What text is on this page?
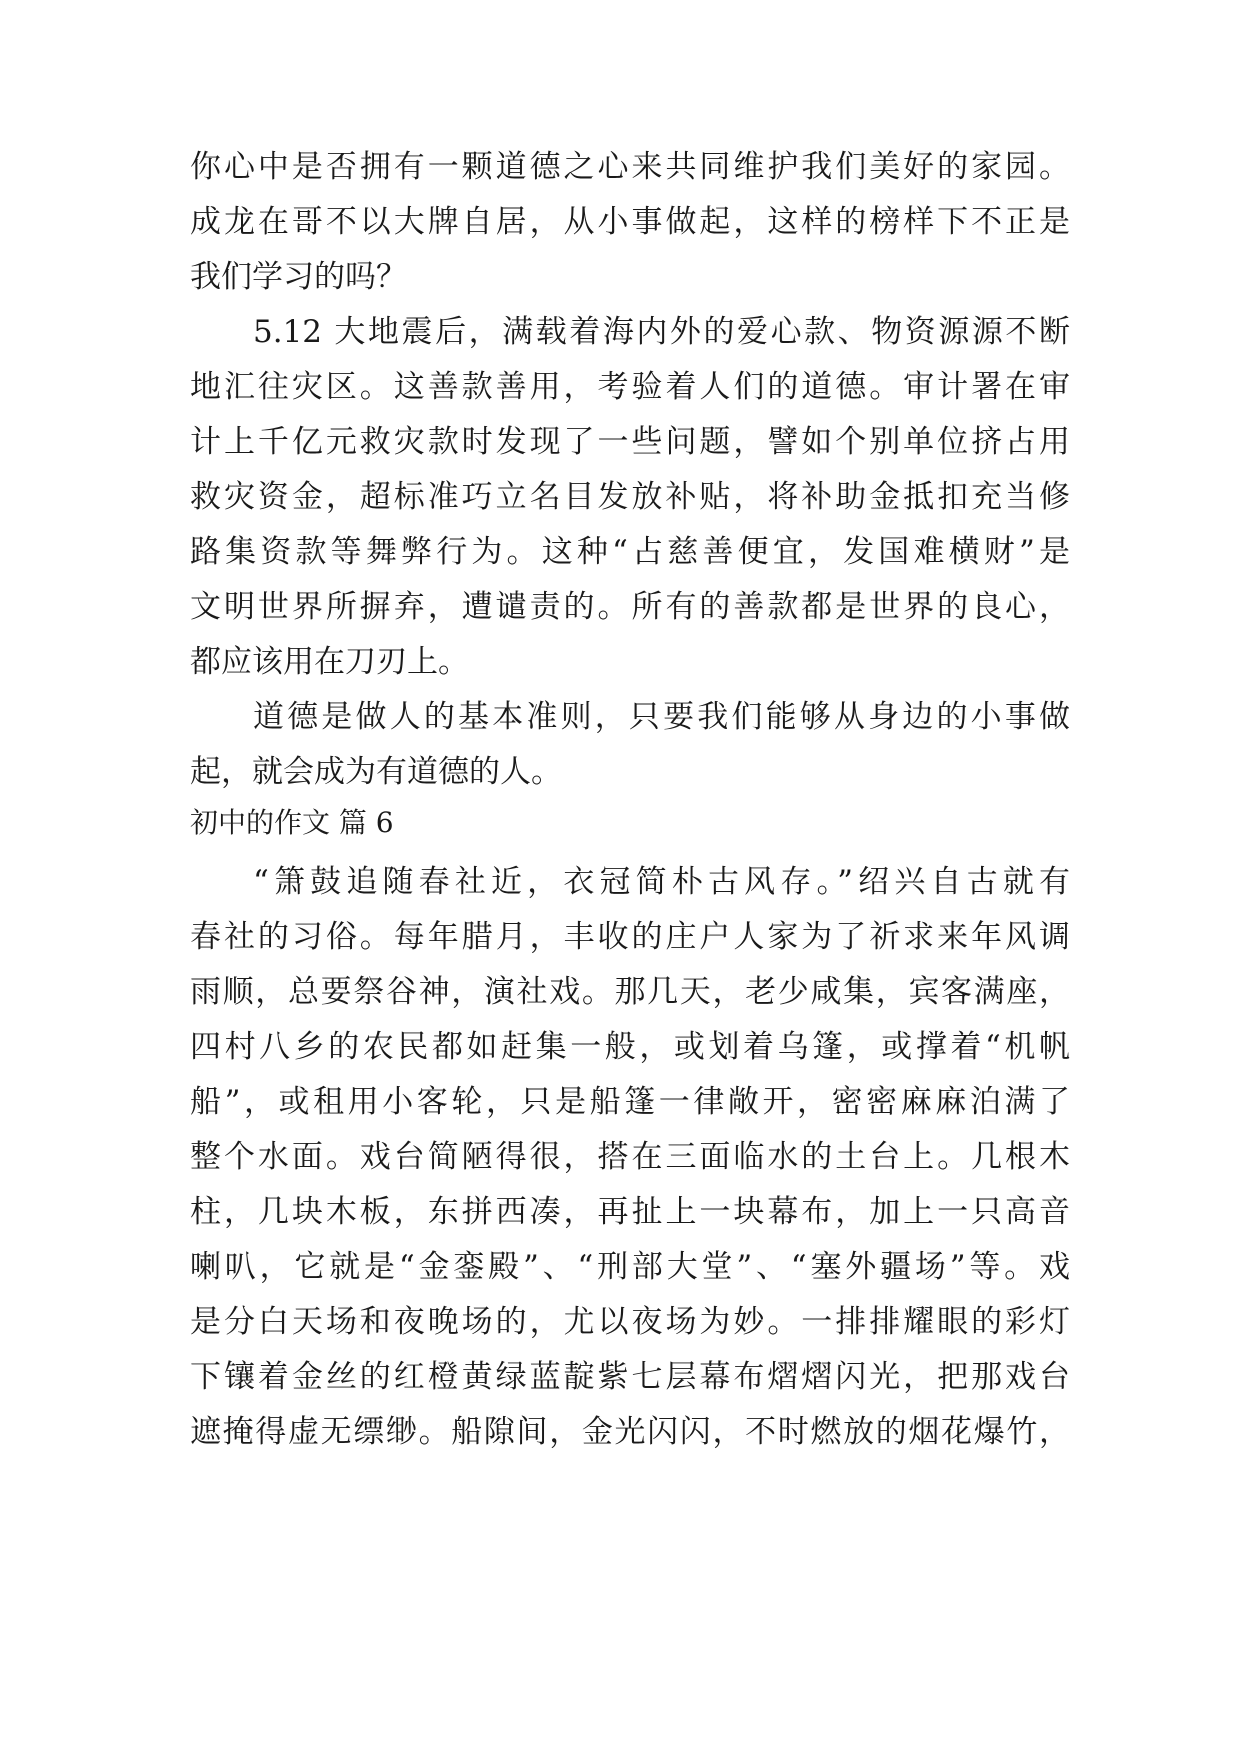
你心中是否拥有一颗道德之心来共同维护我们美好的家园。
成龙在哥不以大牌自居，从小事做起，这样的榜样下不正是
我们学习的吗？
5.12 大地震后，满载着海内外的爱心款、物资源源不断
地汇往灾区。这善款善用，考验着人们的道德。审计署在审
计上千亿元救灾款时发现了一些问题，譬如个别单位挤占用
救灾资金，超标准巧立名目发放补贴，将补助金抵扣充当修
路集资款等舞弊行为。这种“占慈善便宜，发国难横财”是
文明世界所摒弃，遭谴责的。所有的善款都是世界的良心，
都应该用在刀刃上。
道德是做人的基本准则，只要我们能够从身边的小事做
起，就会成为有道德的人。
初中的作文 篇 6
“箫鼓追随春社近，衣冠简朴古风存。”绍兴自古就有
春社的习俗。每年腊月，丰收的庄户人家为了祈求来年风调
雨顺，总要祭谷神，演社戏。那几天，老少咸集，宾客满座，
四村八乡的农民都如赶集一般，或划着乌篷，或撑着“机帆
船”，或租用小客轮，只是船篷一律敞开，密密麻麻泊满了
整个水面。戏台简陋得很，搭在三面临水的土台上。几根木
柱，几块木板，东拼西凑，再扯上一块幕布，加上一只高音
喇叭，它就是“金銮殿”、“刑部大堂”、“塞外疆场”等。戏
是分白天场和夜晚场的，尤以夜场为妙。一排排耀眼的彩灯
下镶着金丝的红橙黄绿蓝靛紫七层幕布熠熠闪光，把那戏台
遮掩得虚无缥缈。船隙间，金光闪闪，不时燃放的烟花爆竹，
